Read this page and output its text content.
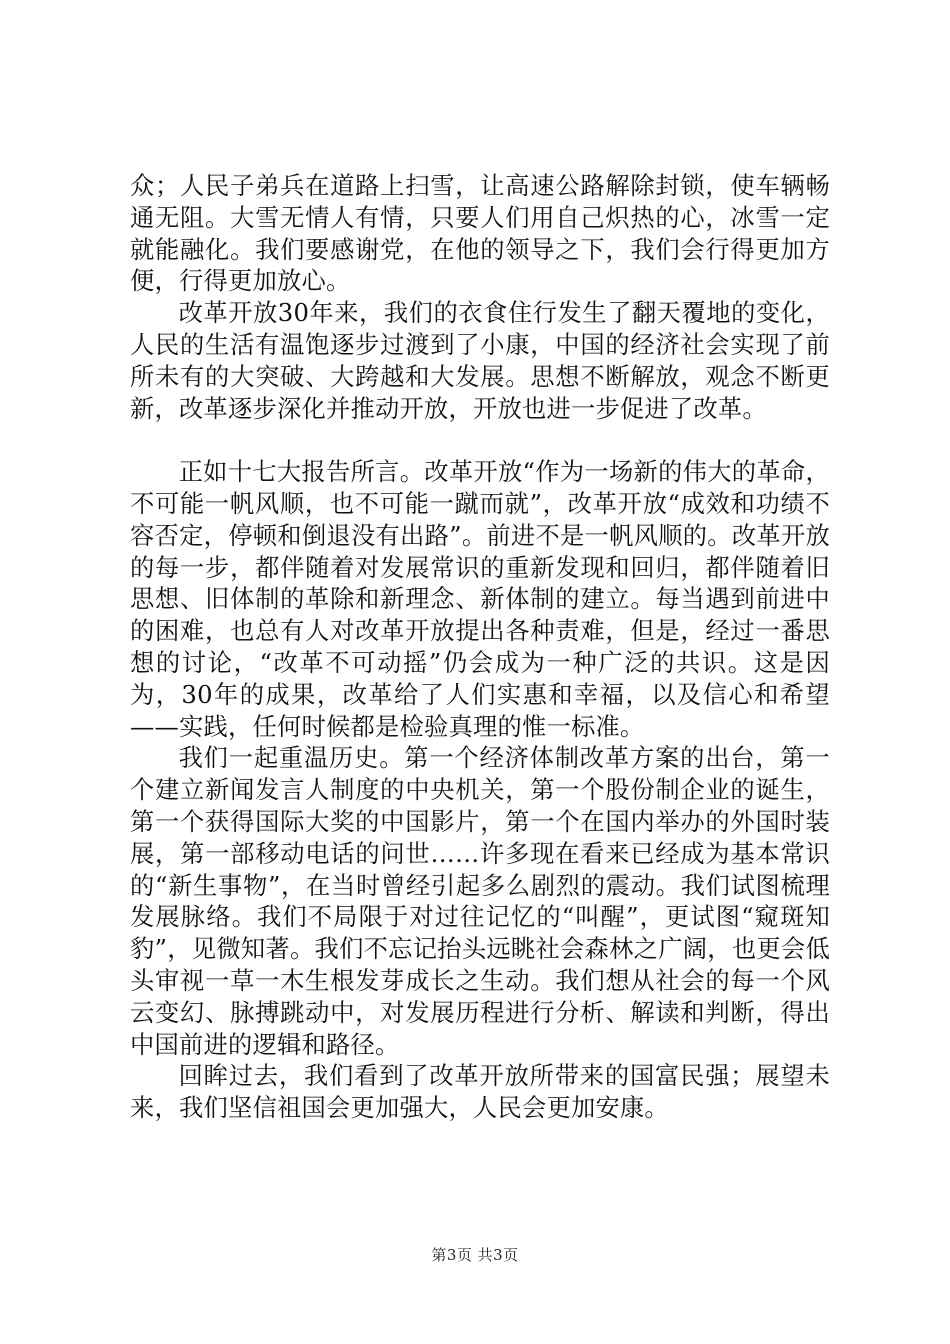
众；人民子弟兵在道路上扫雪，让高速公路解除封锁，使车辆畅通无阻。大雪无情人有情，只要人们用自己炽热的心，冰雪一定就能融化。我们要感谢党，在他的领导之下，我们会行得更加方便，行得更加放心。

改革开放30年来，我们的衣食住行发生了翻天覆地的变化，人民的生活有温饱逐步过渡到了小康，中国的经济社会实现了前所未有的大突破、大跨越和大发展。思想不断解放，观念不断更新，改革逐步深化并推动开放，开放也进一步促进了改革。

正如十七大报告所言。改革开放“作为一场新的伟大的革命，不可能一帆风顺，也不可能一蹴而就”，改革开放“成效和功绩不容否定，停顿和倒退没有出路”。前进不是一帆风顺的。改革开放的每一步，都伴随着对发展常识的重新发现和回归，都伴随着旧思想、旧体制的革除和新理念、新体制的建立。每当遇到前进中的困难，也总有人对改革开放提出各种责难，但是，经过一番思想的讨论，“改革不可动摇”仍会成为一种广泛的共识。这是因为，30年的成果，改革给了人们实惠和幸福，以及信心和希望——实践，任何时候都是检验真理的惟一标准。

我们一起重温历史。第一个经济体制改革方案的出台，第一个建立新闻发言人制度的中央机关，第一个股份制企业的诞生，第一个获得国际大奖的中国影片，第一个在国内举办的外国时装展，第一部移动电话的问世……许多现在看来已经成为基本常识的“新生事物”，在当时曾经引起多么剧烈的震动。我们试图梳理发展脉络。我们不局限于对过往记忆的“叫醒”，更试图“窥斑知豹”，见微知著。我们不忘记抬头远眺社会森林之广阔，也更会低头审视一草一木生根发芽成长之生动。我们想从社会的每一个风云变幻、脉搏跳动中，对发展历程进行分析、解读和判断，得出中国前进的逻辑和路径。

回眸过去，我们看到了改革开放所带来的国富民强；展望未来，我们坚信祖国会更加强大，人民会更加安康。

第3页 共3页
